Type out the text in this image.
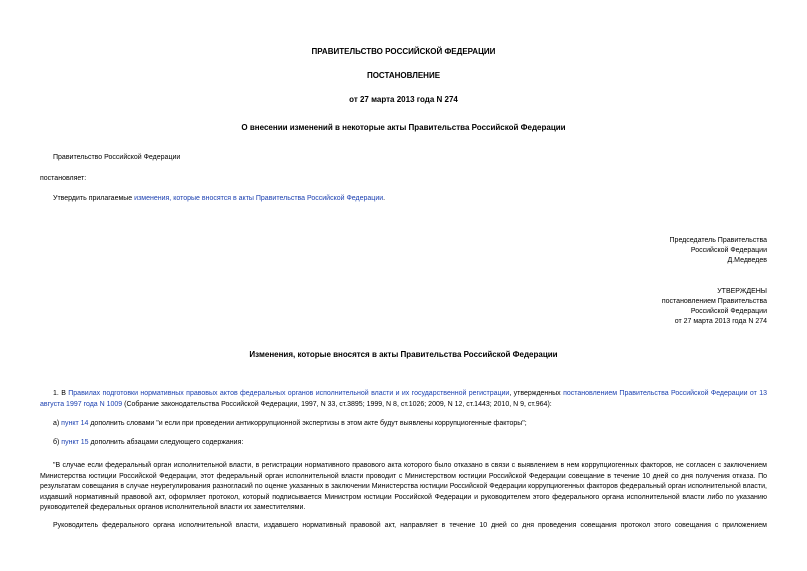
ПРАВИТЕЛЬСТВО РОССИЙСКОЙ ФЕДЕРАЦИИ
ПОСТАНОВЛЕНИЕ
от 27 марта 2013 года N 274
О внесении изменений в некоторые акты Правительства Российской Федерации
Правительство Российской Федерации
постановляет:
Утвердить прилагаемые изменения, которые вносятся в акты Правительства Российской Федерации.
Председатель Правительства
Российской Федерации
Д.Медведев
УТВЕРЖДЕНЫ
постановлением Правительства
Российской Федерации
от 27 марта 2013 года N 274
Изменения, которые вносятся в акты Правительства Российской Федерации
1. В Правилах подготовки нормативных правовых актов федеральных органов исполнительной власти и их государственной регистрации, утвержденных постановлением Правительства Российской Федерации от 13 августа 1997 года N 1009 (Собрание законодательства Российской Федерации, 1997, N 33, ст.3895; 1999, N 8, ст.1026; 2009, N 12, ст.1443; 2010, N 9, ст.964):
а) пункт 14 дополнить словами "и если при проведении антикоррупционной экспертизы в этом акте будут выявлены коррупциогенные факторы";
б) пункт 15 дополнить абзацами следующего содержания:
"В случае если федеральный орган исполнительной власти, в регистрации нормативного правового акта которого было отказано в связи с выявлением в нем коррупциогенных факторов, не согласен с заключением Министерства юстиции Российской Федерации, этот федеральный орган исполнительной власти проводит с Министерством юстиции Российской Федерации совещание в течение 10 дней со дня получения отказа. По результатам совещания в случае неурегулирования разногласий по оценке указанных в заключении Министерства юстиции Российской Федерации коррупциогенных факторов федеральный орган исполнительной власти, издавший нормативный правовой акт, оформляет протокол, который подписывается Министром юстиции Российской Федерации и руководителем этого федерального органа исполнительной власти либо по указанию руководителей федеральных органов исполнительной власти их заместителями.
Руководитель федерального органа исполнительной власти, издавшего нормативный правовой акт, направляет в течение 10 дней со дня проведения совещания протокол этого совещания с приложением
